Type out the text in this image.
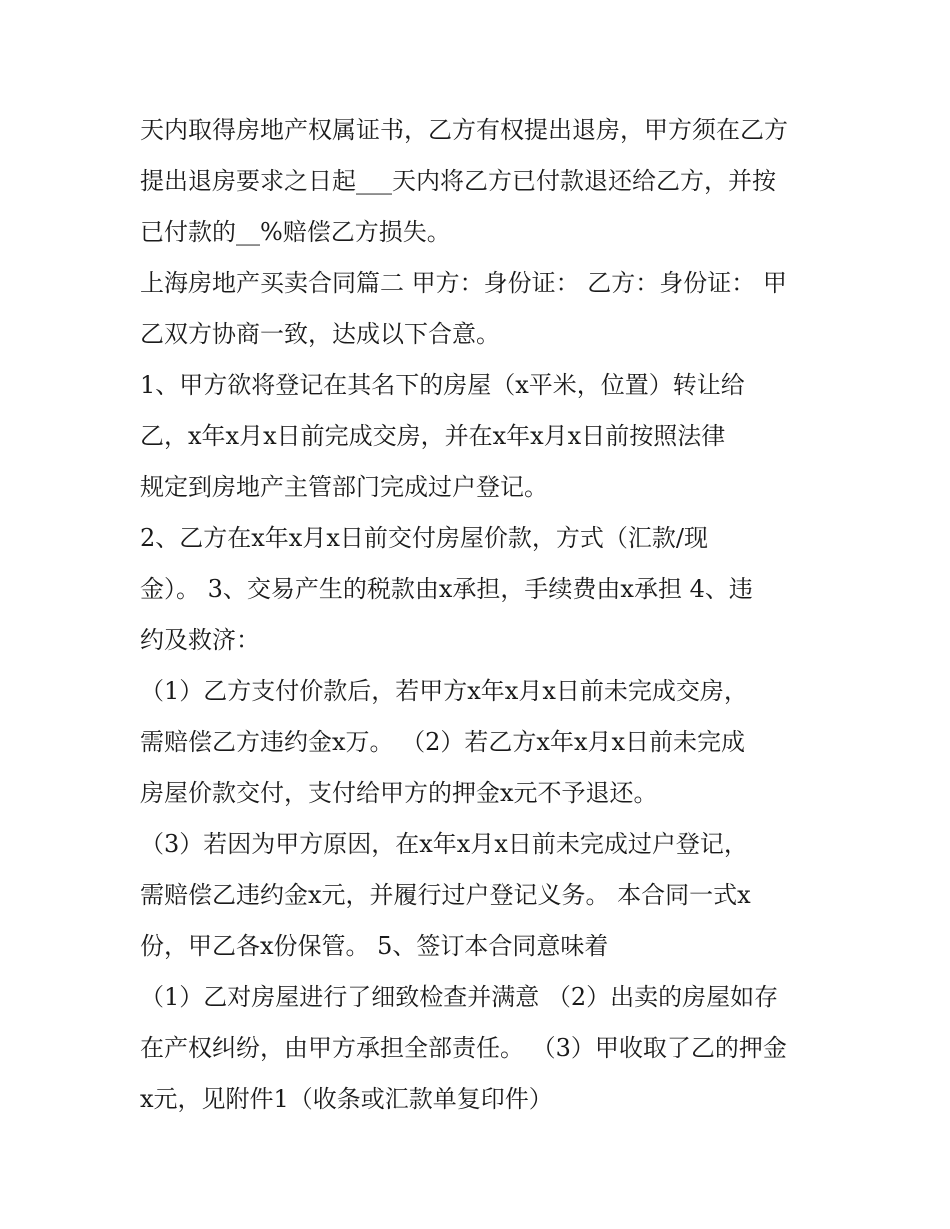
天内取得房地产权属证书，乙方有权提出退房，甲方须在乙方
提出退房要求之日起___天内将乙方已付款退还给乙方，并按
已付款的__%赔偿乙方损失。
上海房地产买卖合同篇二 甲方：身份证： 乙方：身份证： 甲
乙双方协商一致，达成以下合意。
1、甲方欲将登记在其名下的房屋（x平米，位置）转让给
乙，x年x月x日前完成交房，并在x年x月x日前按照法律
规定到房地产主管部门完成过户登记。
2、乙方在x年x月x日前交付房屋价款，方式（汇款/现
金）。 3、交易产生的税款由x承担，手续费由x承担 4、违
约及救济：
（1）乙方支付价款后，若甲方x年x月x日前未完成交房，
需赔偿乙方违约金x万。 （2）若乙方x年x月x日前未完成
房屋价款交付，支付给甲方的押金x元不予退还。
（3）若因为甲方原因，在x年x月x日前未完成过户登记，
需赔偿乙违约金x元，并履行过户登记义务。 本合同一式x
份，甲乙各x份保管。 5、签订本合同意味着
（1）乙对房屋进行了细致检查并满意 （2）出卖的房屋如存
在产权纠纷，由甲方承担全部责任。 （3）甲收取了乙的押金
x元，见附件1（收条或汇款单复印件）
